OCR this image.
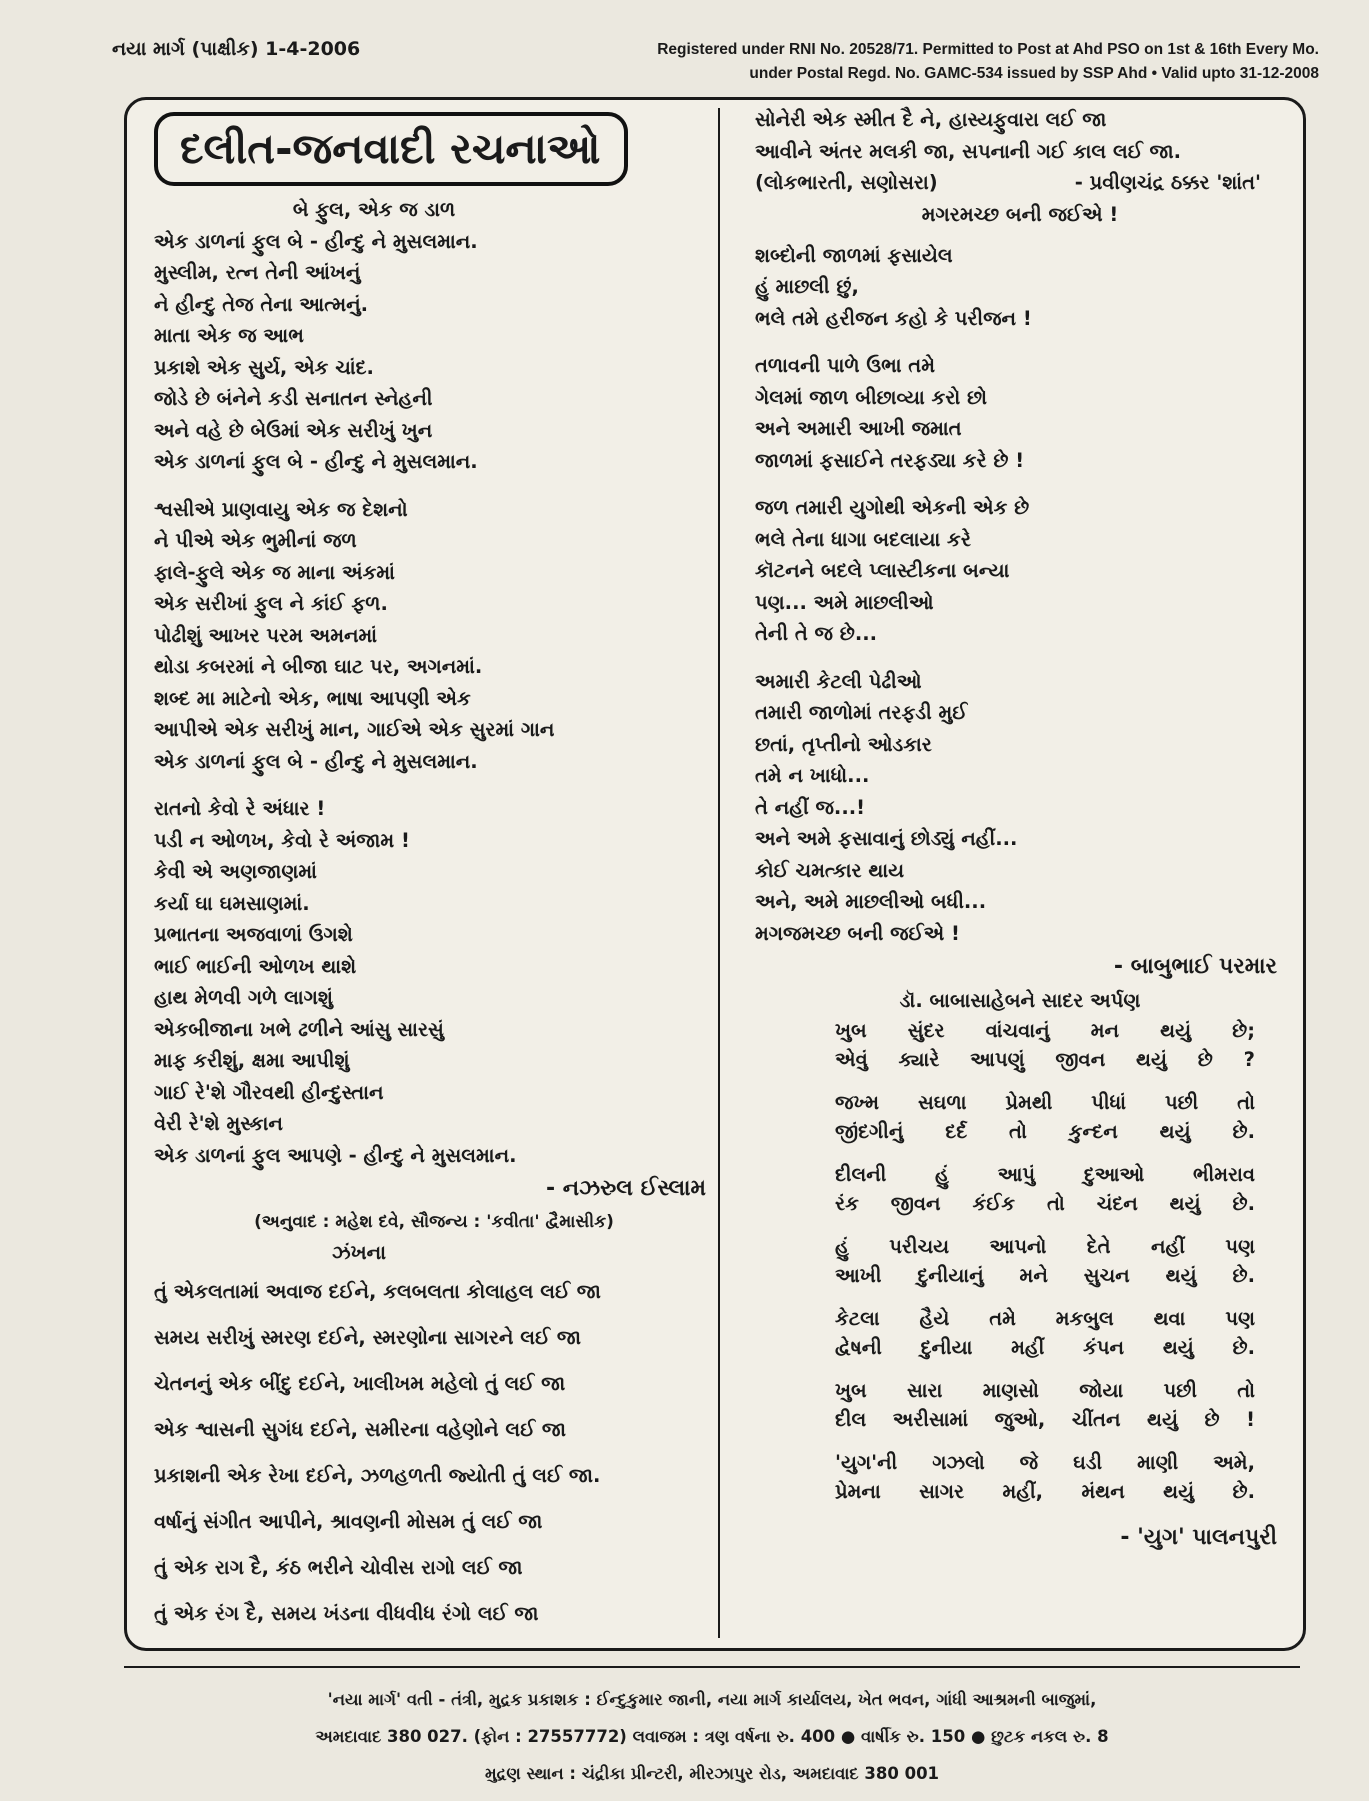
નયા માર્ગ (પાક્ષીક) 1-4-2006	Registered under RNI No. 20528/71. Permitted to Post at Ahd PSO on 1st & 16th Every Mo.
under Postal Regd. No. GAMC-534 issued by SSP Ahd • Valid upto 31-12-2008
દલીત-જનવાદી રચનાઓ
બે ફુલ, એક જ ડાળ
એક ડાળનાં ફુલ બે - હીન્દુ ને મુસલમાન.
મુસ્લીમ, રત્ન તેની આંખનું
ને હીન્દુ તેજ તેના આત્મનું.
માતા એક જ આભ
પ્રકાશે એક સુર્ય, એક ચાંદ.
જોડે છે બંનેને કડી સનાતન સ્નેહની
અને વહે છે બેઉમાં એક સરીખું ખુન
એક ડાળનાં ફુલ બે - હીન્દુ ને મુસલમાન.
શ્વસીએ પ્રાણવાયુ એક જ દેશનો
ને પીએ એક ભુમીનાં જળ
ફાલે-ફુલે એક જ માના અંકમાં
એક સરીખાં ફુલ ને કાંઈ ફળ.
પોઢીશું આખર પરમ અમનમાં
થોડા કબરમાં ને બીજા ઘાટ પર, અગનમાં.
શબ્દ મા માટેનો એક, ભાષા આપણી એક
આપીએ એક સરીખું માન, ગાઈએ એક સુરમાં ગાન
એક ડાળનાં ફુલ બે - હીન્દુ ને મુસલમાન.
રાતનો કેવો રે અંધાર !
પડી ન ઓળખ, કેવો રે અંજામ !
કેવી એ અણજાણમાં
કર્યા ઘા ઘમસાણમાં.
પ્રભાતના અજવાળાં ઉગશે
ભાઈ ભાઈની ઓળખ થાશે
હાથ મેળવી ગળે લાગશું
એકબીજાના ખભે ઢળીને આંસુ સારસું
માફ કરીશું, ક્ષમા આપીશું
ગાઈ રે'શે ગૌરવથી હીન્દુસ્તાન
વેરી રે'શે મુસ્કાન
એક ડાળનાં ફુલ આપણે - હીન્દુ ને મુસલમાન.
- નઝરુલ ઈસ્લામ
(અનુવાદ : મહેશ દવે, સૌજન્ય : 'કવીતા' દ્વૈમાસીક)
ઝંખના
તું એકલતામાં અવાજ દઈને, કલબલતા કોલાહલ લઈ જા
સમય સરીખું સ્મરણ દઈને, સ્મરણોના સાગરને લઈ જા
ચેતનનું એક બીંદુ દઈને, ખાલીખમ મહેલો તું લઈ જા
એક શ્વાસની સુગંધ દઈને, સમીરના વહેણોને લઈ જા
પ્રકાશની એક રેખા દઈને, ઝળહળતી જ્યોતી તું લઈ જા.
વર્ષાનું સંગીત આપીને, શ્રાવણની મોસમ તું લઈ જા
તું એક રાગ દૈ, કંઠ ભરીને ચોવીસ રાગો લઈ જા
તું એક રંગ દૈ, સમય ખંડના વીધવીધ રંગો લઈ જા
સોનેરી એક સ્મીત દૈ ને, હાસ્યફુવારા લઈ જા
આવીને અંતર મલકી જા, સપનાની ગઈ કાલ લઈ જા.
(લોકભારતી, સણોસરા)	- પ્રવીણચંદ્ર ઠક્કર 'શાંત'
મગરમચ્છ બની જઈએ !
શબ્દોની જાળમાં ફસાયેલ
હું માછલી છું,
ભલે તમે હરીજન કહો કે પરીજન !
તળાવની પાળે ઉભા તમે
ગેલમાં જાળ બીછાવ્યા કરો છો
અને અમારી આખી જમાત
જાળમાં ફસાઈને તરફડ્યા કરે છે !
જળ તમારી યુગોથી એકની એક છે
ભલે તેના ધાગા બદલાયા કરે
કૉટનને બદલે પ્લાસ્ટીકના બન્યા
પણ... અમે માછલીઓ
તેની તે જ છે...
અમારી કેટલી પેઢીઓ
તમારી જાળોમાં તરફડી મુઈ
છતાં, તૃપ્તીનો ઓડકાર
તમે ન ખાધો...
તે નહીં જ...!
અને અમે ફસાવાનું છોડ્યું નહીં...
કોઈ ચમત્કાર થાય
અને, અમે માછલીઓ બધી...
મગજમચ્છ બની જઈએ !
- બાબુભાઈ પરમાર
ડૉ. બાબાસાહેબને સાદર અર્પણ
ખુબ સુંદર વાંચવાનું મન થયું છે;
એવું ક્યારે આપણું જીવન થયું છે ?
જખ્મ સઘળા પ્રેમથી પીધાં પછી તો
જીંદગીનું દર્દ તો કુન્દન થયું છે.
દીલની હું આપું દુઆઓ ભીમરાવ
રંક જીવન કંઈક તો ચંદન થયું છે.
હું પરીચય આપનો દેતે નહીં પણ
આખી દુનીયાનું મને સુચન થયું છે.
કેટલા હૈયે તમે મકબુલ થવા પણ
દ્વેષની દુનીયા મહીં કંપન થયું છે.
ખુબ સારા માણસો જોયા પછી તો
દીલ અરીસામાં જુઓ, ચીંતન થયું છે !
'યુગ'ની ગઝલો જે ઘડી માણી અમે,
પ્રેમના સાગર મહીં, મંથન થયું છે.
- 'યુગ' પાલનપુરી
'નયા માર્ગ' વતી - તંત્રી, મુદ્રક પ્રકાશક : ઈન્દુકુમાર જાની, નયા માર્ગ કાર્યાલય, ખેત ભવન, ગાંધી આશ્રમની બાજુમાં,
અમદાવાદ 380 027. (ફોન : 27557772) લવાજમ : ત્રણ વર્ષના રુ. 400 ● વાર્ષીક રુ. 150 ● છુટક નકલ રુ. 8
મુદ્રણ સ્થાન : ચંદ્રીકા પ્રીન્ટરી, મીરઝાપુર રોડ, અમદાવાદ 380 001
